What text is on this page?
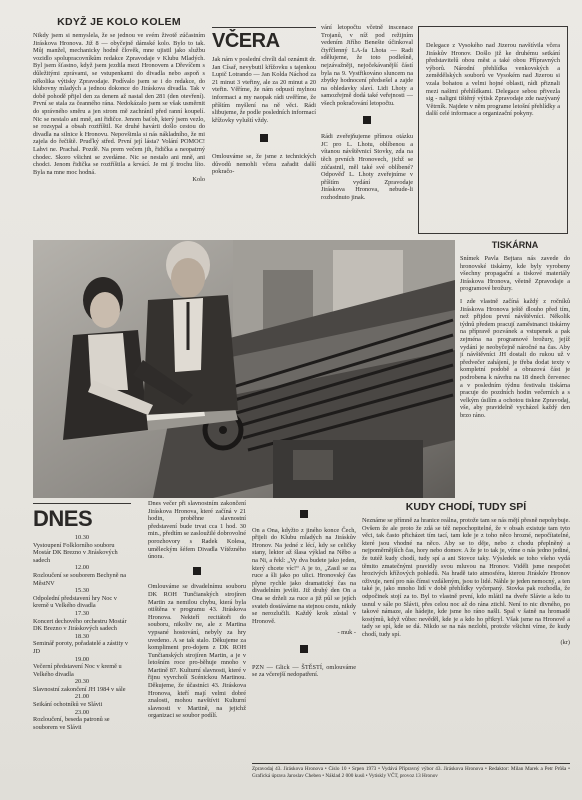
KDYŽ JE KOLO KOLEM

Nikdy jsem si nemyslela, že se jednou ve svém životě zúčastním Jiráskova Hronova. Již 8 — obyčejně dámské kolo. Bylo to tak. Můj manžel, mechanicky hodně člověk, mne ujistil jako službu vozidlo spolupracovníkům redakce Zpravodaje v Klubu Mladých. Byl jsem šťastno, když jsem jezdila mezi Hronovem a Dřevíčem s důležitými zprávami, se vstupenkami do divadla nebo aspoň s několika výtisky Zpravodaje. Podívalo jsem se i do redakce, do klubovny mladých a jednou dokonce do Jiráskova divadla. Tak v době pohodě přijel den za denem až nastal den 281 (den otevření). První se stala za čeanného rána. Nedokázalo jsem se však usměrnit do správného směru a jen strom mě zachránil před ranní koupelí. Nic se nestalo ani mně, ani řidičce. Jenom baťoh, který jsem vezlo, se rozsypal a obsah roztříštil. Ke druhé havárii došlo cestou do divadla na silnice k Hronovu. Nepovšimla si nás nákladního, že mi zajela do řečiště. Pruďký střed. První její lásta? Volání POMOC! Lahvi ne. Prachal. Pozdě. Na prem večem jih, řidička a neopatrný chodec. Skoro všichni se zvedáme. Nic se nestalo ani mně, ani chodci. Jenom řidička se roztříštila a krvácí. Je mi jí trochu líto. Byla na mne moc hodná.

Kolo

VČERA

Jak nám v poslední chvíli dal oznámit dr. Jan Císař, nevybutil křížovku s tajenkou Lupič Lotrando — Jan Kolda Náchod za 21 minut 3 vteřiny, ale za 20 minut a 20 vteřin. Věříme, že nám odpustí mylnou informaci a my naopak rádi uvěříme, že příštím myšlení na ně věci. Rádi slibujeme, že podle posledních informací křížovky vyluští vždy.

Omlouváme se, že jsme z technických důvodů nemohli včera zařadit další pokračo-

vání letopočtu včetně inscenace Trojanů, v níž pod režijním vedením Jiřího Benešte účinkoval čtyřčlenný LA-fa Lhota — Radi sdělujeme, že toto podlešně, nejzávažněji, nejočekávanější částí byla na 9. Vystřikováno sluncem na zbytky hodnocení předsešel a zajde na ohledavky slaví. Lidi Lhoty a samozřejmě dodá také veřejnosti — všech pokračování letopočtu.

Rádi zveřejňujeme přímou otázku JC pro L. Lhotu, oblíbenou a vítanou návštěvnicí Stovky, zda na těch prvních Hronovech, jichž se zúčastnil, měl také své oblíbené? Odpověď L. Lhoty zveřejníme v příštím vydání Zpravodaje Jiráskova Hronova, nebude-li rozhodnuto jinak.

Delegace z Vysokého nad Jizerou navštívila včera Jiráskův Hronov. Došlo již ke druhému setkání představitelů obou měst a také obou Přípravných výborů. Národní přehlídka venkovských a zemědělských souborů ve Vysokém nad Jizerou si vzala bohatou a velmi hojné oblasti, rádi přiznali mezi našimi přehlídkami. Delegace sebou přivezla sig - naligni tištěný výtisk Zpravodaje zde nazývaný Větrník. Najdete v něm programe letošní přehlídky a další celé informace a organizační pokyny.

TISKÁRNA

Snímek Pavla Bejtara nás zavede do hronovské tiskárny, kde byly vyrobeny všechny propagační a tiskové materiály Jiráskova Hronova, věetně Zpravodaje a programové brožury.

I zde vlastně začíná každý z ročníků Jiráskova Hronova ještě dlouho před tím, než přijdou první návštěvníci. Několik týdnů předem pracují zaměstnanci tiskárny na přípravě pozvánek a vstupenek a pak zejména na programové brožury, jejíž vydání je neobyčejně náročné na čas. Aby jí návštěvníci JH dostali do rukou už v předvečer zahájení, je třeba dodat texty v kompletní podobě a obrazová část je podrobena k návrhu na 18 dnech červenec a v posledním týdnu festivalu tiskárna pracuje do pozdních hodin večerních a s velkým úsilím a ochotou tiskne Zpravodaj, vše, aby pravidelně vycházel každý den brzo ráno.

DNES
10.30
Vystoupení Folklorního souboru Mostár DK Brezno v Jiráskových sadech
12.00
Rozloučení se souborem Bechyně na MěstNV
15.30
Odpolední představení hry Noc v kremě u Velkého divadla
17.30
Koncert dechového orchestru Mostár DK Brezno v Jiráskových sadech
18.30
Seminář poroty, pořadatelé a zástity v JD
19.00
Večerní představení Noc v kremě u Velkého divadla
20.30
Slavnostní zakončení JH 1984 v sále
21.00
Seikání ochotníků ve Slávii
23.00
Rozloučení, beseda patronů se souborem ve Slávii

Dnes večer při slavnostním zakončení Jiráskova Hronova, které začíná v 21 hodin, proběhne slavnostní představení bude trvat cca 1 hod. 30 min., předtím se zasloužilé dobrovolné porozhovory s Radek Kolesa, uměleckým šéfem Divadla Vítězného února.

Omlouváme se divadelnímu souboru DK ROH Tunčianských strojíren Martin za nemilou chybu, která byla otištěna v programu 43. Jiráskova Hronova. Nekteří recitátoři do souboru, nikoliv ne, ale z Martina vypsané hostování, nebyly za hry uvedeno. A se tak stalo. Děkujeme za kompliment pro-dojem z DK ROH Tunčianských strojíren Martin, a je v letošním roce pro-běhuje mnoho v Martině 87. Kulturní slavnosti, které v řijnu vyvrcholí Scénickou Martinou. Děkujeme, že účastníci 43. Jiráskova Hronova, kteří mají velmi dobré znalosti, mohou navštívit Kulturní slavnosti v Martině, na jejichž organizaci se soubor podílí.

On a Ona, kdyžto z jiného konce Čech, přijeli do Klubu mladých na Jiráskův Hronov. Na jedné z lécí, kdy se celičky stany, lektor až šlasa výklad na Něbo a na Ni, a řekl: „Vy dva budete jako jeden, který chcete víc!“ A je to, „Zasil se za ruce a šli jako po ulici. Hronovský čas plyne rychle jako dramatický čas na divadelním jevišti. Již druhý den On a Ona se drželi za ruce a již půl se jejích svateb dostáváme na stejnou cestu, nikdy se nerozlučili. Každý krok zůstal v Hronově.

- muk -

PZN — Glick — ŠTĚSTÍ, omlouváme se za včerejší nedopatření.

KUDY CHODÍ, TUDY SPÍ

Neznáme se přímně za hranice reálna, protože tam se nás mějí přesně nepohybuje. Ovšem že ale proto že zdá se též nepochopitelné, že v obsah existuje tam tyto věci, tak často přicházet tím tací, tam kde je z toho něco hrozné, nepočítatelné, které jsou vhodné na něco. Aby se to děje, nebo z chodu přeplněný a nejpoměrnějších čas, hory nebo domov. A že je to tak je, víme o nás jedno jediné, že tutéž kudy chodí, tudy spí a ani Stovce taky. Výsledek se toho všeho vydá těmito zmatečnými pravidly svou mluvou na Hronov. Viděli jsme nespočet hrozivých křížových pohledů. Na hradě tato atmosféra, kterou Jiráskův Hronov oživuje, není pro nás čímsi vzdáleným, jsou to lidé. Náhle je jeden nemocný, a ten také je, jako mnoho lidí v době přehlídky vyčerpaný. Stovka pak rozhodla, že odpočinek stojí za to. Byl to vlastně první, kdo mlátil na dveře Slávie a kdo tu usnul v sále po Slávii, přes celou noc až do rána ztichl. Není to nic divného, po takové námaze, ale hádejte, kde jsme ho ráno našli. Spal v šatně na hromadě kostýmů, když vůbec nevěděl, kde je a kdo ho přikryl. Však jsme na Hronově a tady se spí, kde se dá. Nikdo se na nás nezlobí, protože všichni víme, že kudy chodí, tudy spí.

(kr)

Zpravodaj 43. Jiráskova Hronova • Číslo 10 • Srpen 1973 • Vydává Přípravný výbor 43. Jiráskova Hronova • Redaktor: Milan Marek a Petr Průša • Grafická úprava Jaroslav Cheben • Náklad 2 000 kusů • Vytiskly VČT, provoz 13 Hronov
